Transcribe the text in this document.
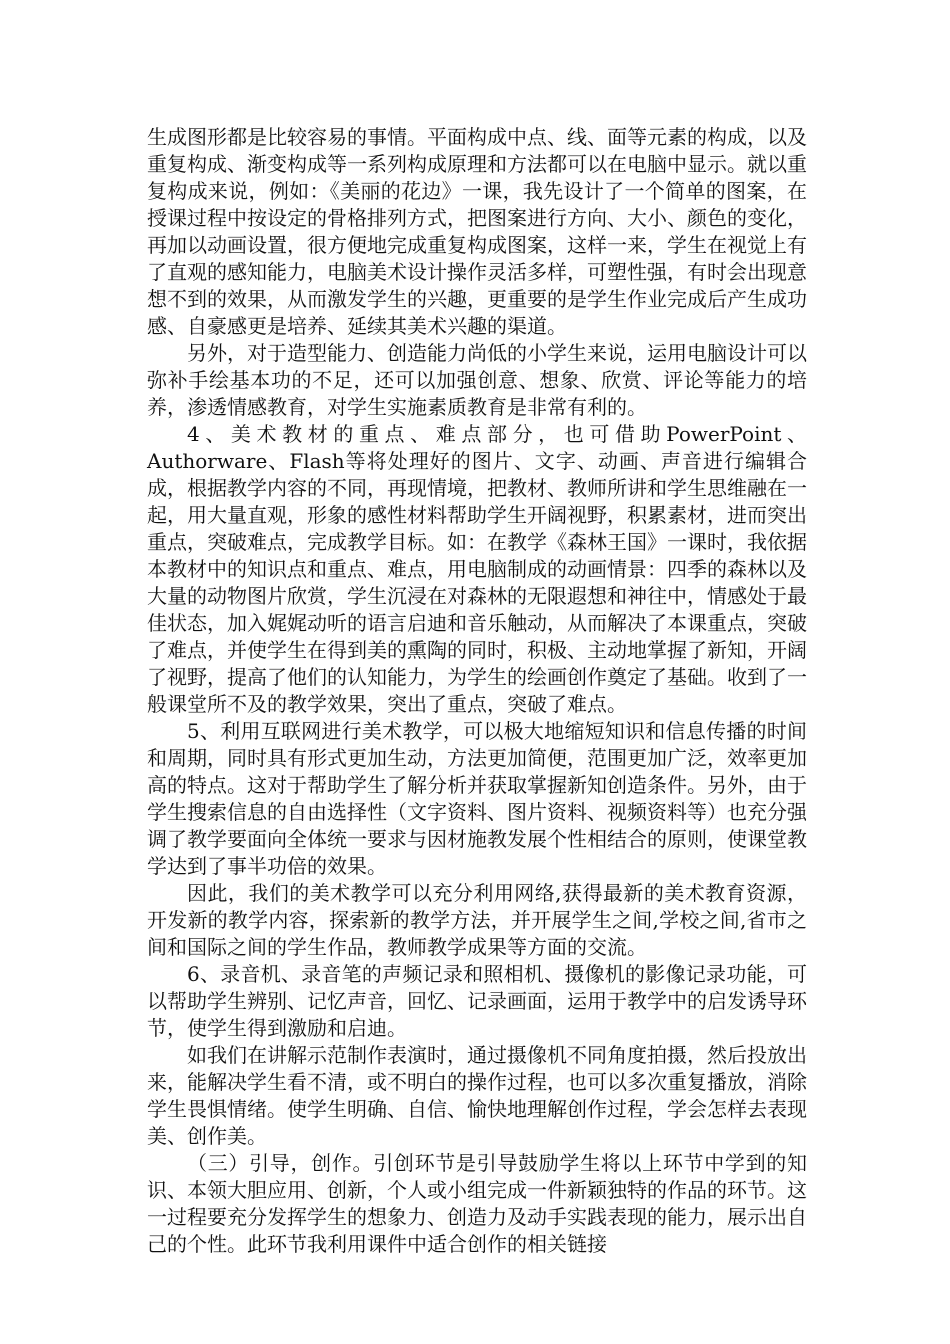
生成图形都是比较容易的事情。平面构成中点、线、面等元素的构成，以及重复构成、渐变构成等一系列构成原理和方法都可以在电脑中显示。就以重复构成来说，例如：《美丽的花边》一课，我先设计了一个简单的图案，在授课过程中按设定的骨格排列方式，把图案进行方向、大小、颜色的变化，再加以动画设置，很方便地完成重复构成图案，这样一来，学生在视觉上有了直观的感知能力，电脑美术设计操作灵活多样，可塑性强，有时会出现意想不到的效果，从而激发学生的兴趣，更重要的是学生作业完成后产生成功感、自豪感更是培养、延续其美术兴趣的渠道。

另外，对于造型能力、创造能力尚低的小学生来说，运用电脑设计可以弥补手绘基本功的不足，还可以加强创意、想象、欣赏、评论等能力的培养，渗透情感教育，对学生实施素质教育是非常有利的。

4、美术教材的重点、难点部分，也可借助PowerPoint、Authorware、Flash等将处理好的图片、文字、动画、声音进行编辑合成，根据教学内容的不同，再现情境，把教材、教师所讲和学生思维融在一起，用大量直观，形象的感性材料帮助学生开阔视野，积累素材，进而突出重点，突破难点，完成教学目标。如：在教学《森林王国》一课时，我依据本教材中的知识点和重点、难点，用电脑制成的动画情景：四季的森林以及大量的动物图片欣赏，学生沉浸在对森林的无限遐想和神往中，情感处于最佳状态，加入娓娓动听的语言启迪和音乐触动，从而解决了本课重点，突破了难点，并使学生在得到美的熏陶的同时，积极、主动地掌握了新知，开阔了视野，提高了他们的认知能力，为学生的绘画创作奠定了基础。收到了一般课堂所不及的教学效果，突出了重点，突破了难点。

5、利用互联网进行美术教学，可以极大地缩短知识和信息传播的时间和周期，同时具有形式更加生动，方法更加简便，范围更加广泛，效率更加高的特点。这对于帮助学生了解分析并获取掌握新知创造条件。另外，由于学生搜索信息的自由选择性（文字资料、图片资料、视频资料等）也充分强调了教学要面向全体统一要求与因材施教发展个性相结合的原则，使课堂教学达到了事半功倍的效果。

因此，我们的美术教学可以充分利用网络,获得最新的美术教育资源，开发新的教学内容，探索新的教学方法，并开展学生之间,学校之间,省市之间和国际之间的学生作品，教师教学成果等方面的交流。

6、录音机、录音笔的声频记录和照相机、摄像机的影像记录功能，可以帮助学生辨别、记忆声音，回忆、记录画面，运用于教学中的启发诱导环节，使学生得到激励和启迪。

如我们在讲解示范制作表演时，通过摄像机不同角度拍摄，然后投放出来，能解决学生看不清，或不明白的操作过程，也可以多次重复播放，消除学生畏惧情绪。使学生明确、自信、愉快地理解创作过程，学会怎样去表现美、创作美。

（三）引导，创作。引创环节是引导鼓励学生将以上环节中学到的知识、本领大胆应用、创新，个人或小组完成一件新颖独特的作品的环节。这一过程要充分发挥学生的想象力、创造力及动手实践表现的能力，展示出自己的个性。此环节我利用课件中适合创作的相关链接
